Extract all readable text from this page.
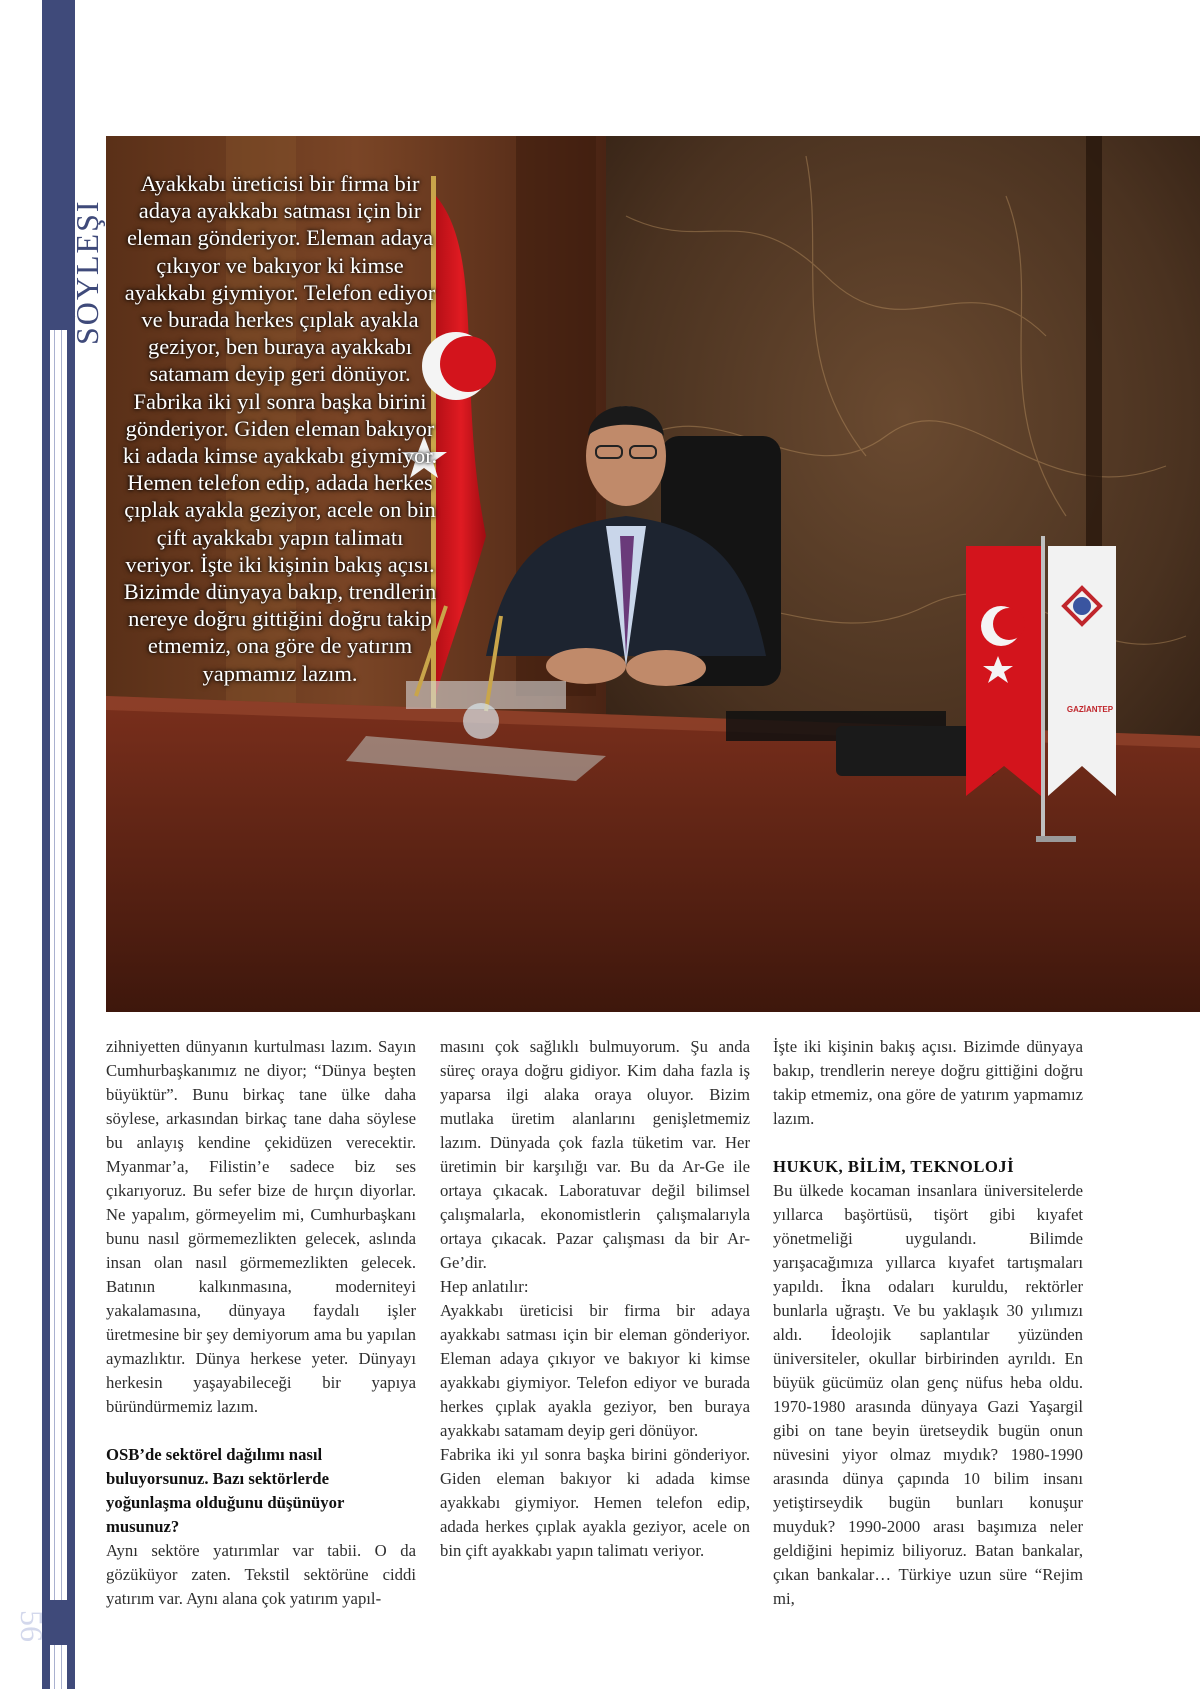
BOSS
SÖYLEŞİ
56
Ayakkabı üreticisi bir firma bir adaya ayakkabı satması için bir eleman gönderiyor. Eleman adaya çıkıyor ve bakıyor ki kimse ayakkabı giymiyor. Telefon ediyor ve burada herkes çıplak ayakla geziyor, ben buraya ayakkabı satamam deyip geri dönüyor. Fabrika iki yıl sonra başka birini gönderiyor. Giden eleman bakıyor ki adada kimse ayakkabı giymiyor. Hemen telefon edip, adada herkes çıplak ayakla geziyor, acele on bin çift ayakkabı yapın talimatı veriyor. İşte iki kişinin bakış açısı. Bizimde dünyaya bakıp, trendlerin nereye doğru gittiğini doğru takip etmemiz, ona göre de yatırım yapmamız lazım.
GAZİANTEP

zihniyetten dünyanın kurtulması lazım. Sayın Cumhurbaşkanımız ne diyor; “Dünya beşten büyüktür”. Bunu birkaç tane ülke daha söylese, arkasından birkaç tane daha söylese bu anlayış kendine çekidüzen verecektir. Myanmar’a, Filistin’e sadece biz ses çıkarıyoruz. Bu sefer bize de hırçın diyorlar. Ne yapalım, görmeyelim mi, Cumhurbaşkanı bunu nasıl görmemezlikten gelecek, aslında insan olan nasıl görmemezlikten gelecek. Batının kalkınmasına, moderniteyi yakalamasına, dünyaya faydalı işler üretmesine bir şey demiyorum ama bu yapılan aymazlıktır. Dünya herkese yeter. Dünyayı herkesin yaşayabileceği bir yapıya büründürmemiz lazım.

OSB’de sektörel dağılımı nasıl buluyorsunuz. Bazı sektörlerde yoğunlaşma olduğunu düşünüyor musunuz?

Aynı sektöre yatırımlar var tabii. O da gözüküyor zaten. Tekstil sektörüne ciddi yatırım var. Aynı alana çok yatırım yapıl-

masını çok sağlıklı bulmuyorum. Şu anda süreç oraya doğru gidiyor. Kim daha fazla iş yaparsa ilgi alaka oraya oluyor. Bizim mutlaka üretim alanlarını genişletmemiz lazım. Dünyada çok fazla tüketim var. Her üretimin bir karşılığı var. Bu da Ar-Ge ile ortaya çıkacak. Laboratuvar değil bilimsel çalışmalarla, ekonomistlerin çalışmalarıyla ortaya çıkacak. Pazar çalışması da bir Ar-Ge’dir.

Hep anlatılır:

Ayakkabı üreticisi bir firma bir adaya ayakkabı satması için bir eleman gönderiyor. Eleman adaya çıkıyor ve bakıyor ki kimse ayakkabı giymiyor. Telefon ediyor ve burada herkes çıplak ayakla geziyor, ben buraya ayakkabı satamam deyip geri dönüyor.

Fabrika iki yıl sonra başka birini gönderiyor. Giden eleman bakıyor ki adada kimse ayakkabı giymiyor. Hemen telefon edip, adada herkes çıplak ayakla geziyor, acele on bin çift ayakkabı yapın talimatı veriyor.

İşte iki kişinin bakış açısı. Bizimde dünyaya bakıp, trendlerin nereye doğru gittiğini doğru takip etmemiz, ona göre de yatırım yapmamız lazım.

HUKUK, BİLİM, TEKNOLOJİ

Bu ülkede kocaman insanlara üniversitelerde yıllarca başörtüsü, tişört gibi kıyafet yönetmeliği uygulandı. Bilimde yarışacağımıza yıllarca kıyafet tartışmaları yapıldı. İkna odaları kuruldu, rektörler bunlarla uğraştı. Ve bu yaklaşık 30 yılımızı aldı. İdeolojik saplantılar yüzünden üniversiteler, okullar birbirinden ayrıldı. En büyük gücümüz olan genç nüfus heba oldu. 1970-1980 arasında dünyaya Gazi Yaşargil gibi on tane beyin üretseydik bugün onun nüvesini yiyor olmaz mıydık? 1980-1990 arasında dünya çapında 10 bilim insanı yetiştirseydik bugün bunları konuşur muyduk? 1990-2000 arası başımıza neler geldiğini hepimiz biliyoruz. Batan bankalar, çıkan bankalar… Türkiye uzun süre “Rejim mi,
